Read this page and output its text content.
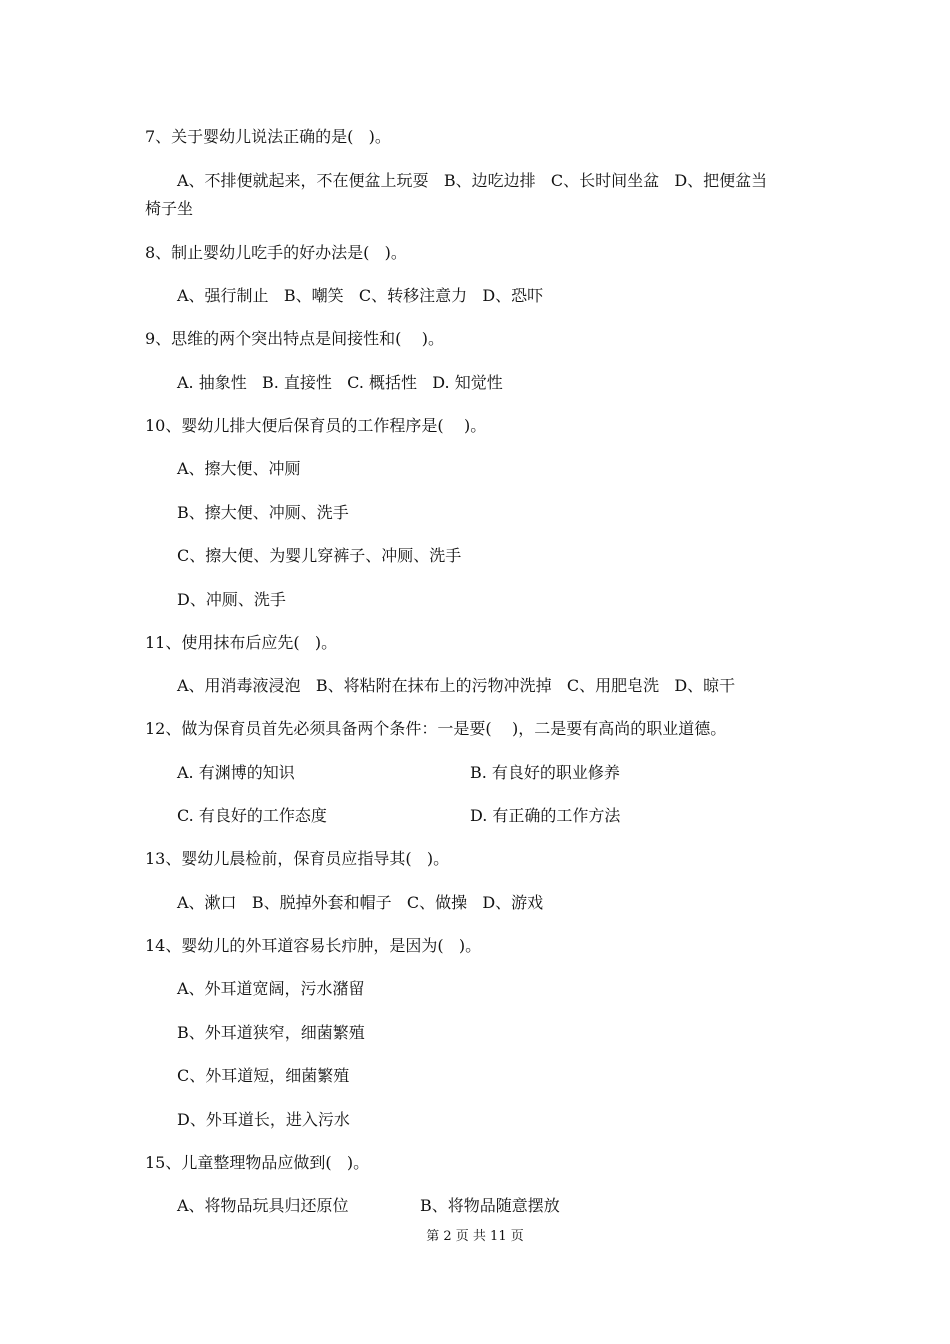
7、关于婴幼儿说法正确的是(   )。
A、不排便就起来，不在便盆上玩耍   B、边吃边排   C、长时间坐盆   D、把便盆当
椅子坐
8、制止婴幼儿吃手的好办法是(   )。
A、强行制止   B、嘲笑   C、转移注意力   D、恐吓
9、思维的两个突出特点是间接性和(    )。
A. 抽象性   B. 直接性   C. 概括性   D. 知觉性
10、婴幼儿排大便后保育员的工作程序是(    )。
A、擦大便、冲厕
B、擦大便、冲厕、洗手
C、擦大便、为婴儿穿裤子、冲厕、洗手
D、冲厕、洗手
11、使用抹布后应先(   )。
A、用消毒液浸泡   B、将粘附在抹布上的污物冲洗掉   C、用肥皂洗   D、晾干
12、做为保育员首先必须具备两个条件：一是要(    )，二是要有高尚的职业道德。
A. 有渊博的知识	B. 有良好的职业修养
C. 有良好的工作态度	D. 有正确的工作方法
13、婴幼儿晨检前，保育员应指导其(   )。
A、漱口   B、脱掉外套和帽子   C、做操   D、游戏
14、婴幼儿的外耳道容易长疖肿，是因为(   )。
A、外耳道宽阔，污水潴留
B、外耳道狭窄，细菌繁殖
C、外耳道短，细菌繁殖
D、外耳道长，进入污水
15、儿童整理物品应做到(   )。
A、将物品玩具归还原位	B、将物品随意摆放
第 2 页 共 11 页
